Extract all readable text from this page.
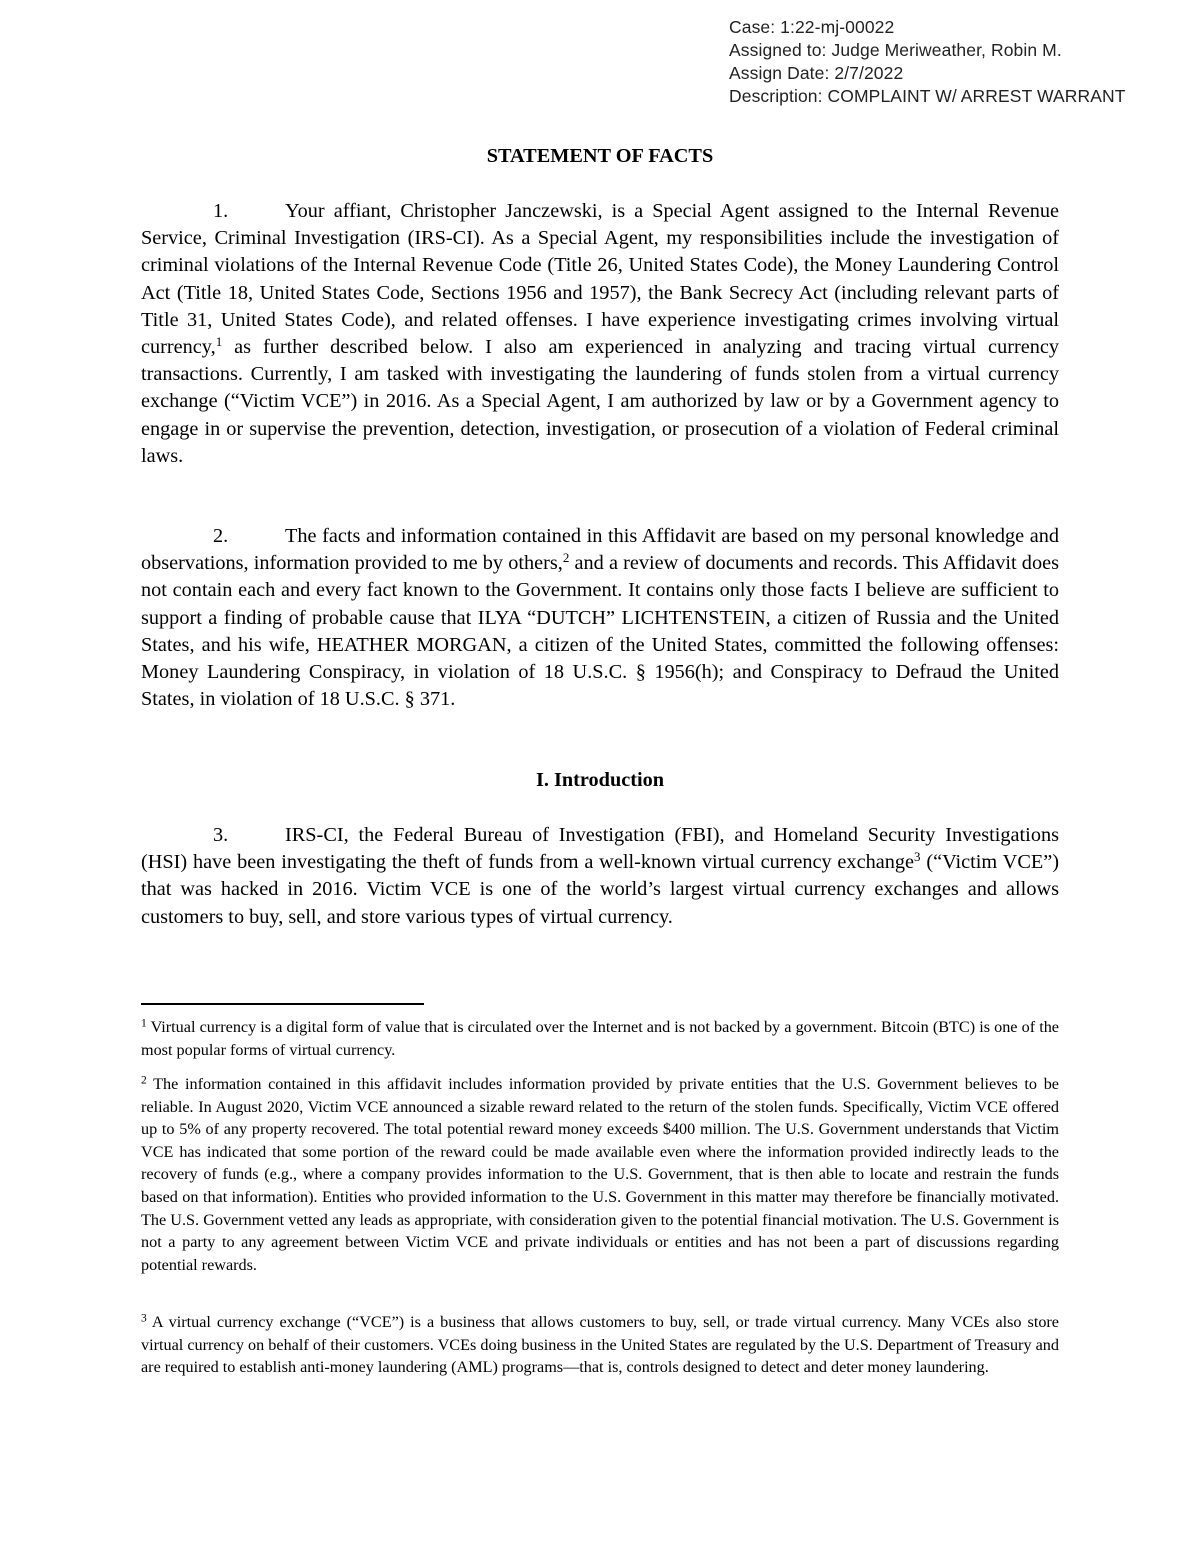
Case: 1:22-mj-00022
Assigned to: Judge Meriweather, Robin M.
Assign Date: 2/7/2022
Description: COMPLAINT W/ ARREST WARRANT
STATEMENT OF FACTS
1.	Your affiant, Christopher Janczewski, is a Special Agent assigned to the Internal Revenue Service, Criminal Investigation (IRS-CI). As a Special Agent, my responsibilities include the investigation of criminal violations of the Internal Revenue Code (Title 26, United States Code), the Money Laundering Control Act (Title 18, United States Code, Sections 1956 and 1957), the Bank Secrecy Act (including relevant parts of Title 31, United States Code), and related offenses. I have experience investigating crimes involving virtual currency,$^1$ as further described below. I also am experienced in analyzing and tracing virtual currency transactions. Currently, I am tasked with investigating the laundering of funds stolen from a virtual currency exchange (“Victim VCE”) in 2016. As a Special Agent, I am authorized by law or by a Government agency to engage in or supervise the prevention, detection, investigation, or prosecution of a violation of Federal criminal laws.
2.	The facts and information contained in this Affidavit are based on my personal knowledge and observations, information provided to me by others,$^2$ and a review of documents and records. This Affidavit does not contain each and every fact known to the Government. It contains only those facts I believe are sufficient to support a finding of probable cause that ILYA “DUTCH” LICHTENSTEIN, a citizen of Russia and the United States, and his wife, HEATHER MORGAN, a citizen of the United States, committed the following offenses: Money Laundering Conspiracy, in violation of 18 U.S.C. § 1956(h); and Conspiracy to Defraud the United States, in violation of 18 U.S.C. § 371.
I. Introduction
3.	IRS-CI, the Federal Bureau of Investigation (FBI), and Homeland Security Investigations (HSI) have been investigating the theft of funds from a well-known virtual currency exchange$^3$ (“Victim VCE”) that was hacked in 2016. Victim VCE is one of the world’s largest virtual currency exchanges and allows customers to buy, sell, and store various types of virtual currency.
$^1$ Virtual currency is a digital form of value that is circulated over the Internet and is not backed by a government. Bitcoin (BTC) is one of the most popular forms of virtual currency.
$^2$ The information contained in this affidavit includes information provided by private entities that the U.S. Government believes to be reliable. In August 2020, Victim VCE announced a sizable reward related to the return of the stolen funds. Specifically, Victim VCE offered up to 5% of any property recovered. The total potential reward money exceeds $400 million. The U.S. Government understands that Victim VCE has indicated that some portion of the reward could be made available even where the information provided indirectly leads to the recovery of funds (e.g., where a company provides information to the U.S. Government, that is then able to locate and restrain the funds based on that information). Entities who provided information to the U.S. Government in this matter may therefore be financially motivated. The U.S. Government vetted any leads as appropriate, with consideration given to the potential financial motivation. The U.S. Government is not a party to any agreement between Victim VCE and private individuals or entities and has not been a part of discussions regarding potential rewards.
$^3$ A virtual currency exchange (“VCE”) is a business that allows customers to buy, sell, or trade virtual currency. Many VCEs also store virtual currency on behalf of their customers. VCEs doing business in the United States are regulated by the U.S. Department of Treasury and are required to establish anti-money laundering (AML) programs—that is, controls designed to detect and deter money laundering.
